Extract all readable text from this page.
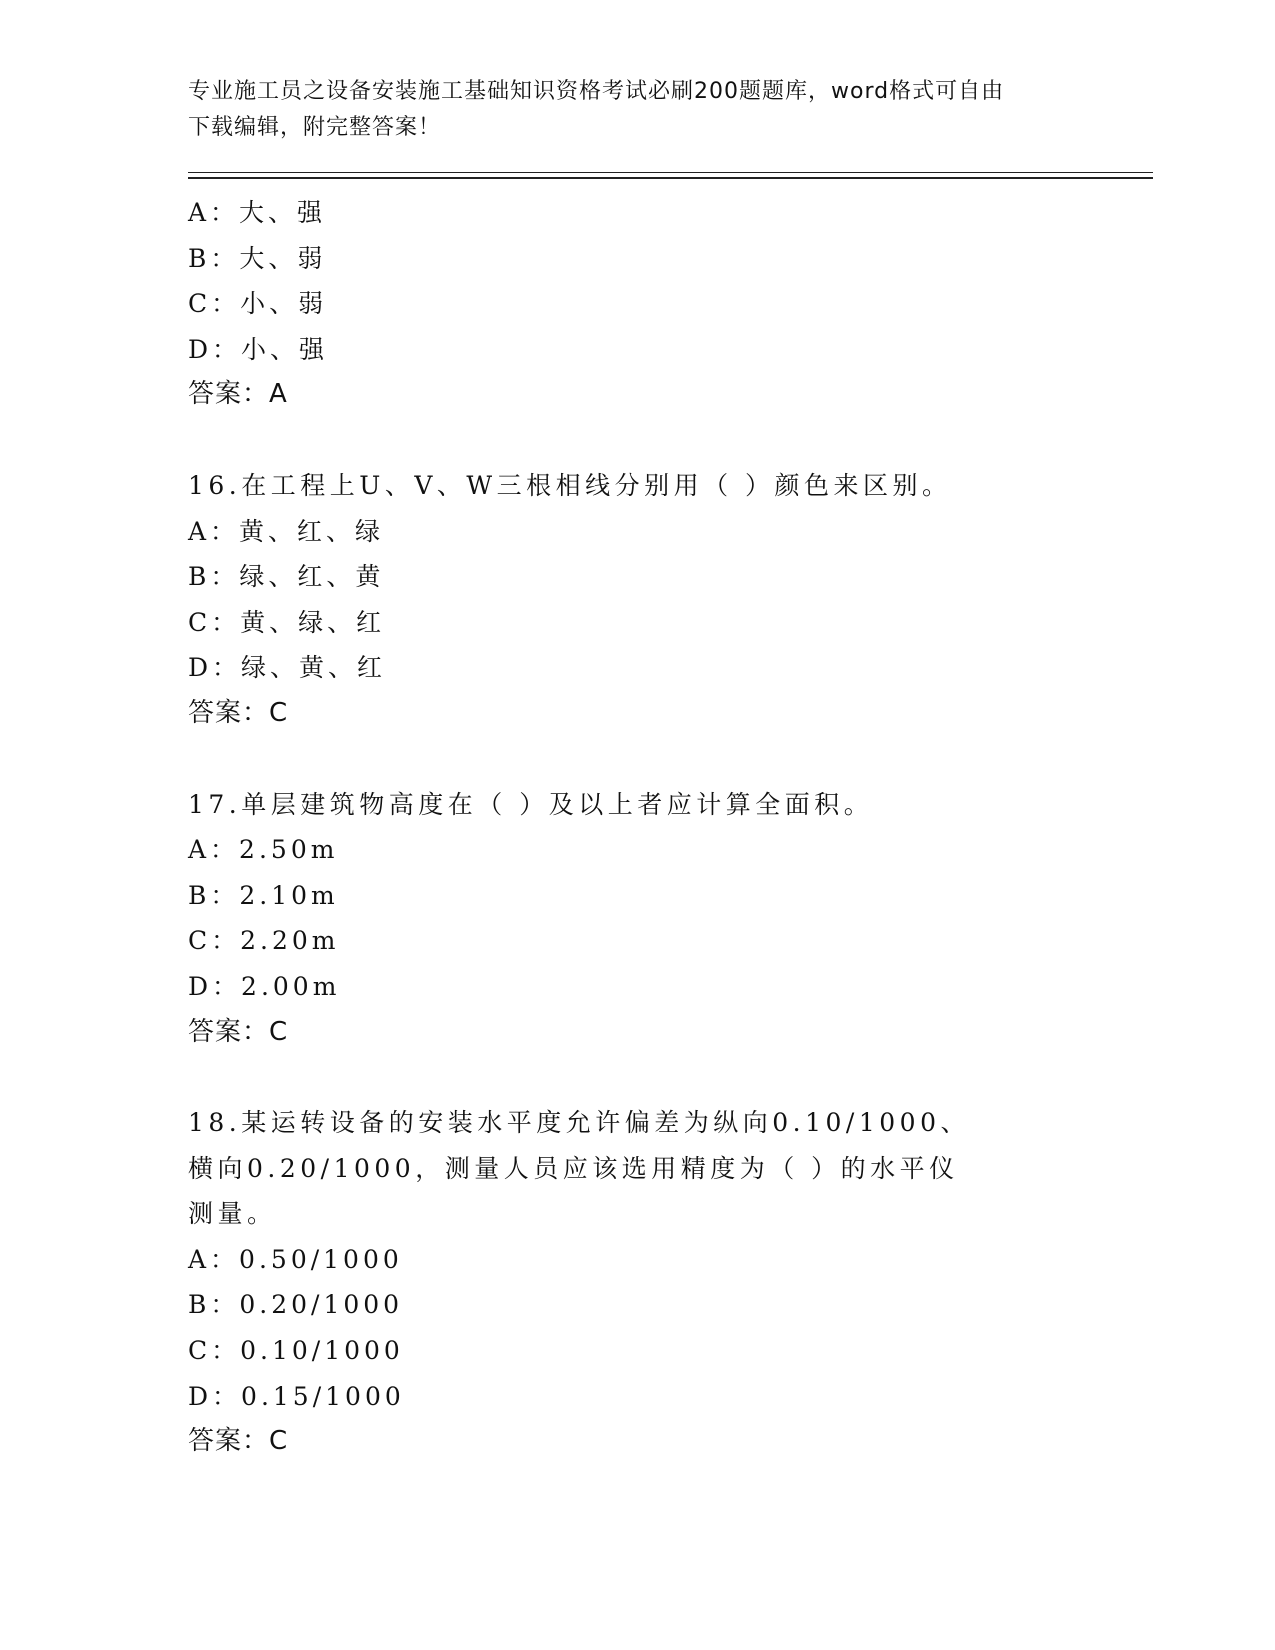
专业施工员之设备安装施工基础知识资格考试必刷200题题库，word格式可自由
下载编辑，附完整答案！
A：大、强
B：大、弱
C：小、弱
D：小、强
答案：A
16.在工程上U、V、W三根相线分别用（ ）颜色来区别。
A：黄、红、绿
B：绿、红、黄
C：黄、绿、红
D：绿、黄、红
答案：C
17.单层建筑物高度在（ ）及以上者应计算全面积。
A：2.50m
B：2.10m
C：2.20m
D：2.00m
答案：C
18.某运转设备的安装水平度允许偏差为纵向0.10/1000、横向0.20/1000，测量人员应该选用精度为（ ）的水平仪测量。
A：0.50/1000
B：0.20/1000
C：0.10/1000
D：0.15/1000
答案：C
